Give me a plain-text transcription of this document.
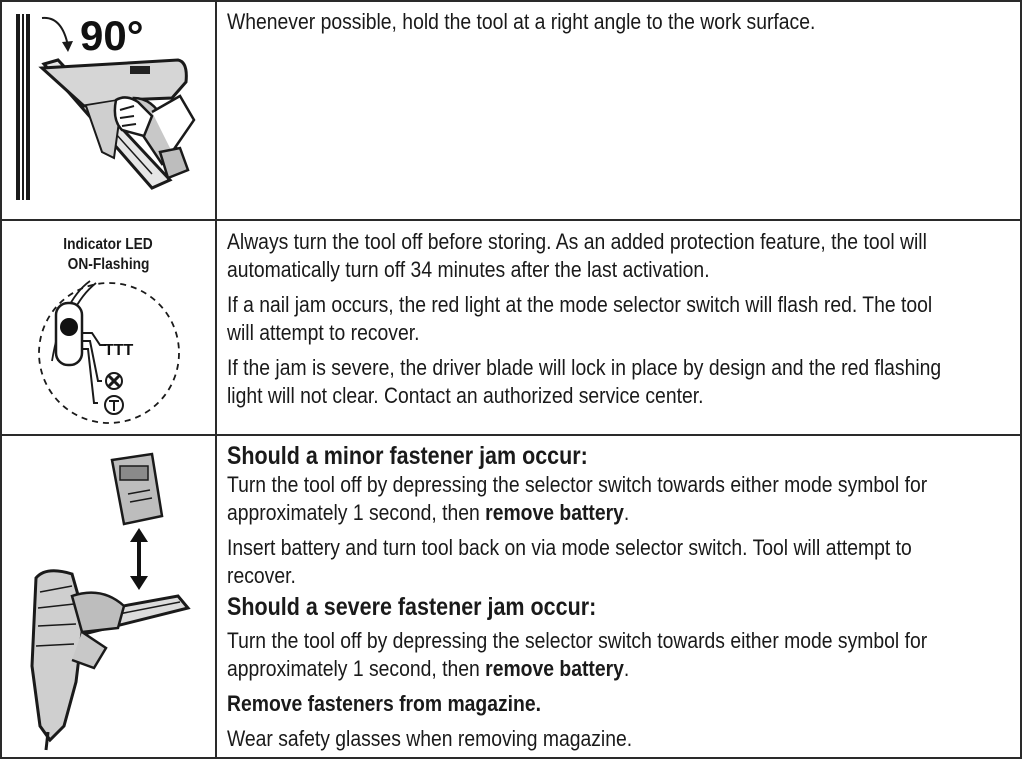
90°	Whenever possible, hold the tool at a right angle to the work surface.

Indicator LED
ON-Flashing
TTT

Always turn the tool off before storing. As an added protection feature, the tool will

automatically turn off 34 minutes after the last activation.

If a nail jam occurs, the red light at the mode selector switch will flash red. The tool

will attempt to recover.

If the jam is severe, the driver blade will lock in place by design and the red flashing

light will not clear. Contact an authorized service center.

Should a minor fastener jam occur:

Turn the tool off by depressing the selector switch towards either mode symbol for

approximately 1 second, then remove battery.

Insert battery and turn tool back on via mode selector switch. Tool will attempt to

recover.

Should a severe fastener jam occur:

Turn the tool off by depressing the selector switch towards either mode symbol for

approximately 1 second, then remove battery.

Remove fasteners from magazine.

Wear safety glasses when removing magazine.
